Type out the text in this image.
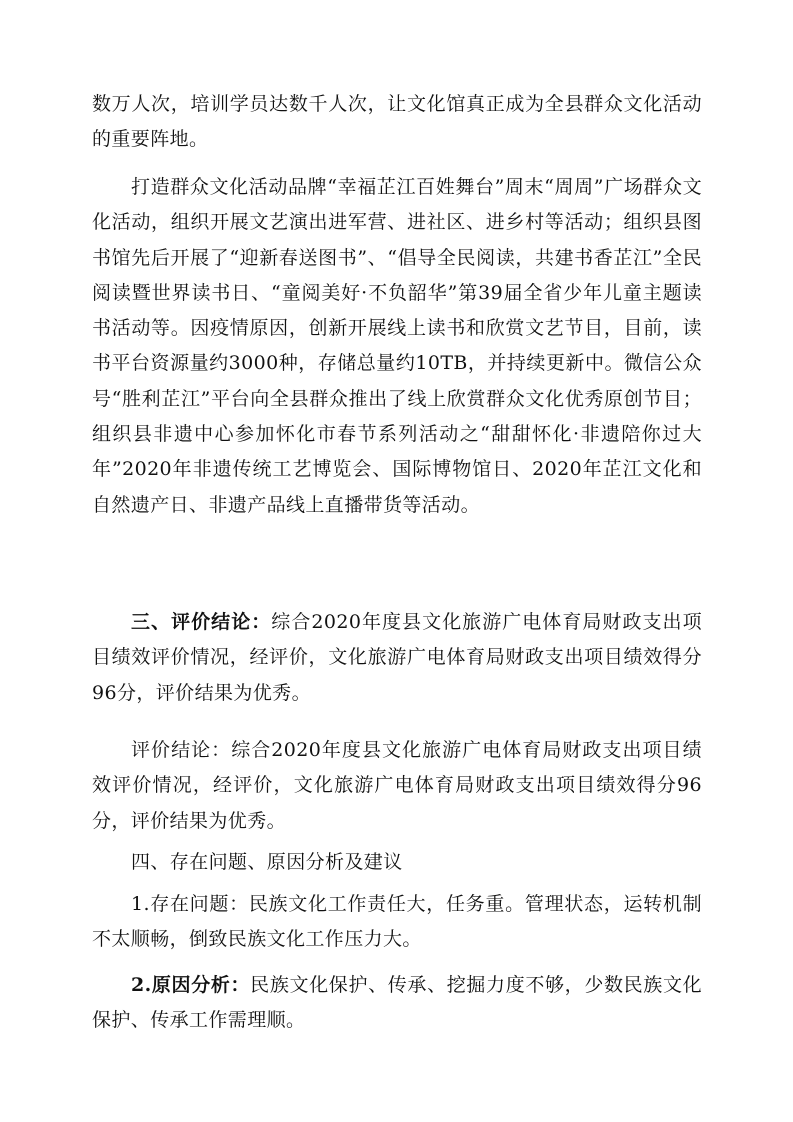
数万人次，培训学员达数千人次，让文化馆真正成为全县群众文化活动的重要阵地。

打造群众文化活动品牌“幸福芷江百姓舞台”周末“周周”广场群众文化活动，组织开展文艺演出进军营、进社区、进乡村等活动；组织县图书馆先后开展了“迎新春送图书”、“倡导全民阅读，共建书香芷江”全民阅读暨世界读书日、“童阅美好·不负韶华”第39届全省少年儿童主题读书活动等。因疫情原因，创新开展线上读书和欣赏文艺节目，目前，读书平台资源量约3000种，存储总量约10TB，并持续更新中。微信公众号“胜利芷江”平台向全县群众推出了线上欣赏群众文化优秀原创节目；组织县非遗中心参加怀化市春节系列活动之“甜甜怀化·非遗陪你过大年”2020年非遗传统工艺博览会、国际博物馆日、2020年芷江文化和自然遗产日、非遗产品线上直播带货等活动。

三、评价结论：综合2020年度县文化旅游广电体育局财政支出项目绩效评价情况，经评价，文化旅游广电体育局财政支出项目绩效得分96分，评价结果为优秀。

评价结论：综合2020年度县文化旅游广电体育局财政支出项目绩效评价情况，经评价，文化旅游广电体育局财政支出项目绩效得分96分，评价结果为优秀。

四、存在问题、原因分析及建议

1.存在问题：民族文化工作责任大，任务重。管理状态，运转机制不太顺畅，倒致民族文化工作压力大。

2.原因分析：民族文化保护、传承、挖掘力度不够，少数民族文化保护、传承工作需理顺。
